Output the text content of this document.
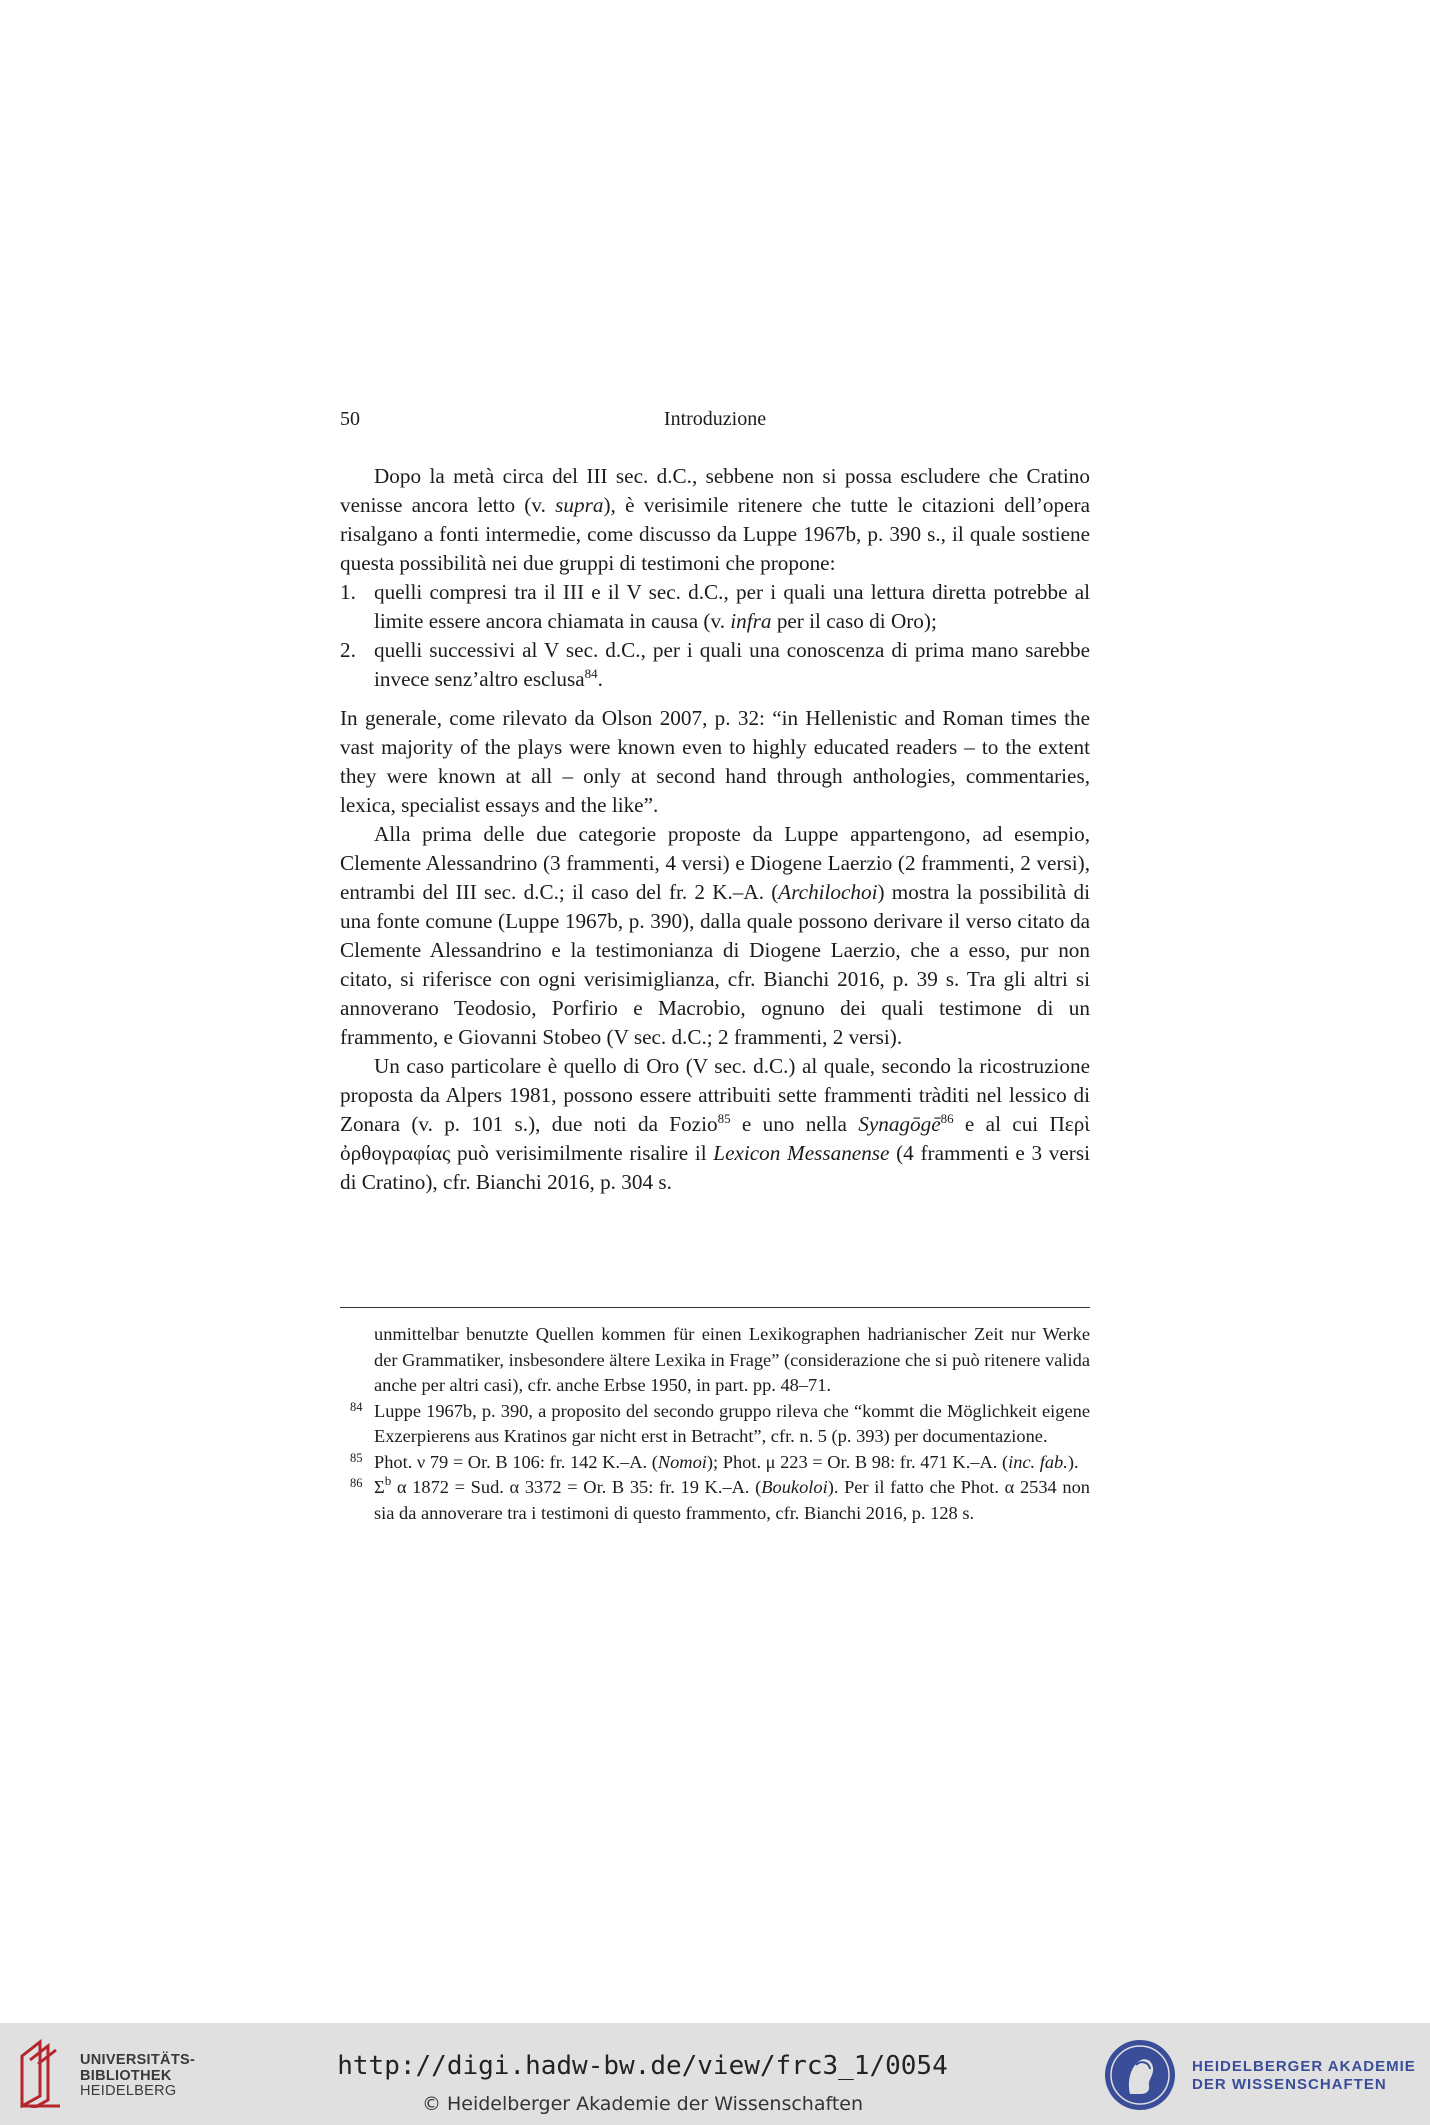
50	Introduzione

Dopo la metà circa del III sec. d.C., sebbene non si possa escludere che Cratino venisse ancora letto (v. supra), è verisimile ritenere che tutte le citazioni dell’opera risalgano a fonti intermedie, come discusso da Luppe 1967b, p. 390 s., il quale sostiene questa possibilità nei due gruppi di testimoni che propone:

1. quelli compresi tra il III e il V sec. d.C., per i quali una lettura diretta potrebbe al limite essere ancora chiamata in causa (v. infra per il caso di Oro);
2. quelli successivi al V sec. d.C., per i quali una conoscenza di prima mano sarebbe invece senz’altro esclusa$^{84}$.

In generale, come rilevato da Olson 2007, p. 32: “in Hellenistic and Roman times the vast majority of the plays were known even to highly educated readers – to the extent they were known at all – only at second hand through anthologies, commentaries, lexica, specialist essays and the like”.

Alla prima delle due categorie proposte da Luppe appartengono, ad esempio, Clemente Alessandrino (3 frammenti, 4 versi) e Diogene Laerzio (2 frammenti, 2 versi), entrambi del III sec. d.C.; il caso del fr. 2 K.–A. (Archilochoi) mostra la possibilità di una fonte comune (Luppe 1967b, p. 390), dalla quale possono derivare il verso citato da Clemente Alessandrino e la testimonianza di Diogene Laerzio, che a esso, pur non citato, si riferisce con ogni verisimiglianza, cfr. Bianchi 2016, p. 39 s. Tra gli altri si annoverano Teodosio, Porfirio e Macrobio, ognuno dei quali testimone di un frammento, e Giovanni Stobeo (V sec. d.C.; 2 frammenti, 2 versi).

Un caso particolare è quello di Oro (V sec. d.C.) al quale, secondo la ricostruzione proposta da Alpers 1981, possono essere attribuiti sette frammenti tràditi nel lessico di Zonara (v. p. 101 s.), due noti da Fozio$^{85}$ e uno nella Synagōgē$^{86}$ e al cui Περὶ ὀρθογραφίας può verisimilmente risalire il Lexicon Messanense (4 frammenti e 3 versi di Cratino), cfr. Bianchi 2016, p. 304 s.

unmittelbar benutzte Quellen kommen für einen Lexikographen hadrianischer Zeit nur Werke der Grammatiker, insbesondere ältere Lexika in Frage” (considerazione che si può ritenere valida anche per altri casi), cfr. anche Erbse 1950, in part. pp. 48–71.

84 Luppe 1967b, p. 390, a proposito del secondo gruppo rileva che “kommt die Möglichkeit eigene Exzerpierens aus Kratinos gar nicht erst in Betracht”, cfr. n. 5 (p. 393) per documentazione.

85 Phot. ν 79 = Or. B 106: fr. 142 K.–A. (Nomoi); Phot. μ 223 = Or. B 98: fr. 471 K.–A. (inc. fab.).

86 $\Sigma^b$ α 1872 = Sud. α 3372 = Or. B 35: fr. 19 K.–A. (Boukoloi). Per il fatto che Phot. α 2534 non sia da annoverare tra i testimoni di questo frammento, cfr. Bianchi 2016, p. 128 s.

UNIVERSITÄTS-
BIBLIOTHEK
HEIDELBERG
http://digi.hadw-bw.de/view/frc3_1/0054
© Heidelberger Akademie der Wissenschaften
HEIDELBERGER AKADEMIE
DER WISSENSCHAFTEN
